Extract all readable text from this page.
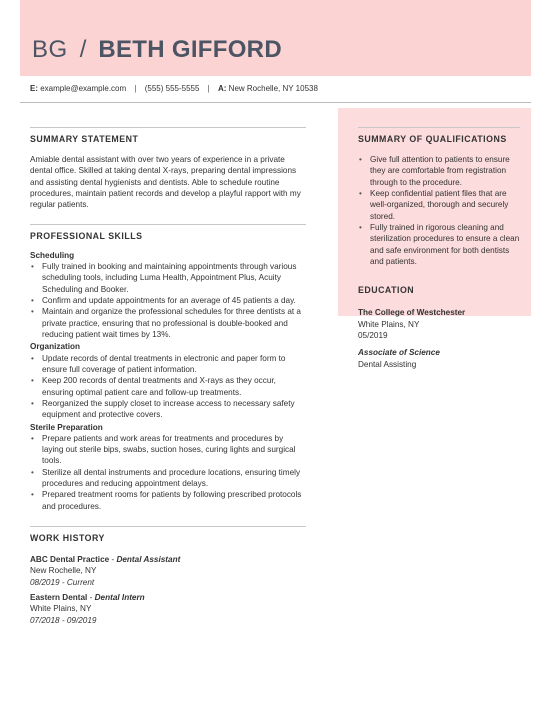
BG / BETH GIFFORD
E: example@example.com | (555) 555-5555 | A: New Rochelle, NY 10538
SUMMARY STATEMENT
Amiable dental assistant with over two years of experience in a private dental office. Skilled at taking dental X-rays, preparing dental impressions and assisting dental hygienists and dentists. Able to schedule routine procedures, maintain patient records and develop a playful rapport with my regular patients.
PROFESSIONAL SKILLS
Scheduling
• Fully trained in booking and maintaining appointments through various scheduling tools, including Luma Health, Appointment Plus, Acuity Scheduling and Booker.
• Confirm and update appointments for an average of 45 patients a day.
• Maintain and organize the professional schedules for three dentists at a private practice, ensuring that no professional is double-booked and reducing patient wait times by 13%.
Organization
• Update records of dental treatments in electronic and paper form to ensure full coverage of patient information.
• Keep 200 records of dental treatments and X-rays as they occur, ensuring optimal patient care and follow-up treatments.
• Reorganized the supply closet to increase access to necessary safety equipment and protective covers.
Sterile Preparation
• Prepare patients and work areas for treatments and procedures by laying out sterile bips, swabs, suction hoses, curing lights and surgical tools.
• Sterilize all dental instruments and procedure locations, ensuring timely procedures and reducing appointment delays.
• Prepared treatment rooms for patients by following prescribed protocols and procedures.
WORK HISTORY
ABC Dental Practice - Dental Assistant
New Rochelle, NY
08/2019 - Current
Eastern Dental - Dental Intern
White Plains, NY
07/2018 - 09/2019
SUMMARY OF QUALIFICATIONS
• Give full attention to patients to ensure they are comfortable from registration through to the procedure.
• Keep confidential patient files that are well-organized, thorough and securely stored.
• Fully trained in rigorous cleaning and sterilization procedures to ensure a clean and safe environment for both dentists and patients.
EDUCATION
The College of Westchester
White Plains, NY
05/2019
Associate of Science
Dental Assisting
